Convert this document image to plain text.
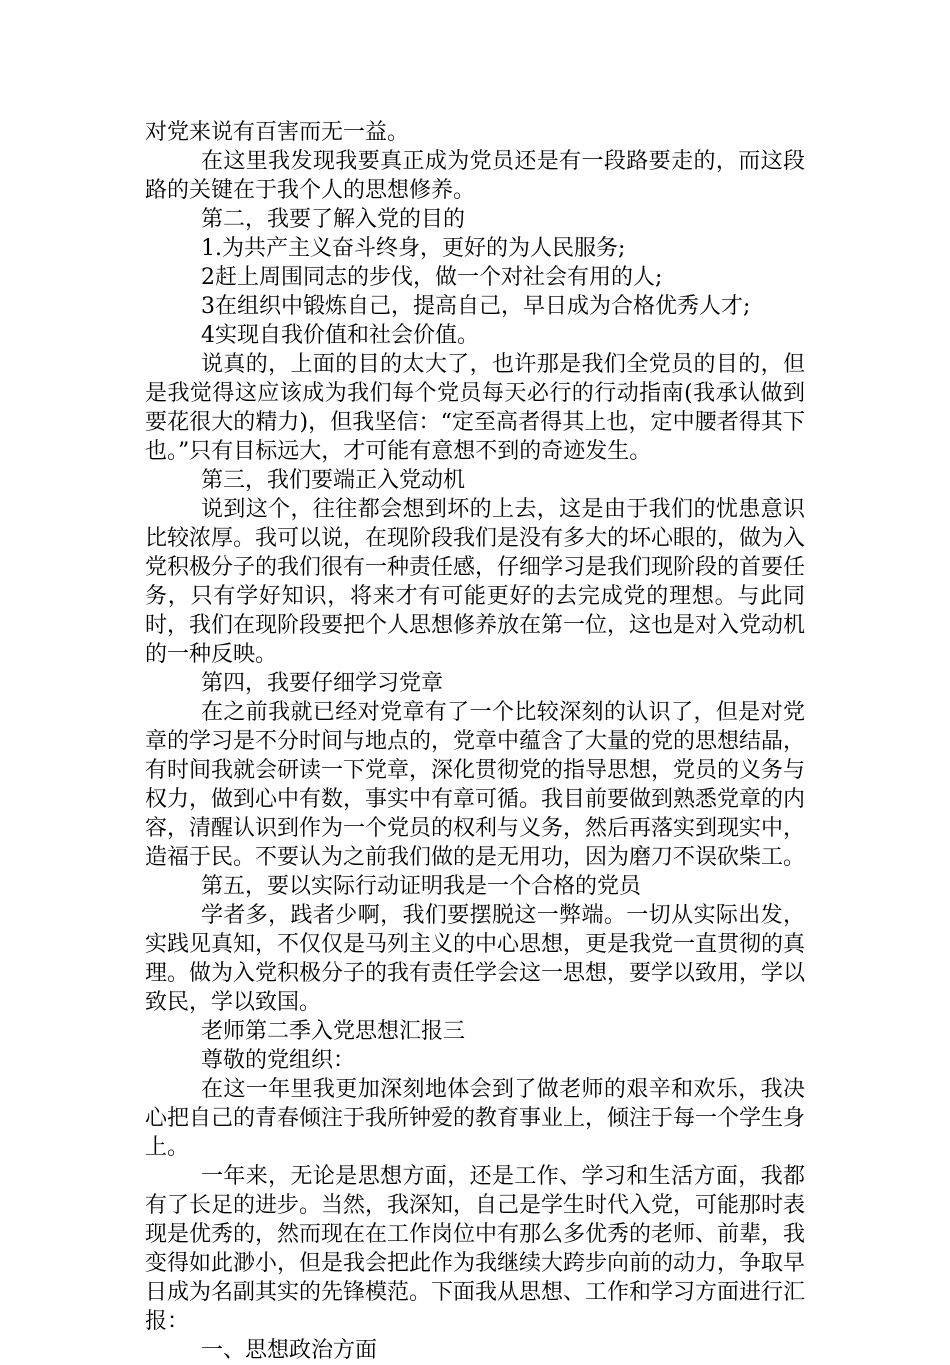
对党来说有百害而无一益。

在这里我发现我要真正成为党员还是有一段路要走的，而这段路的关键在于我个人的思想修养。

第二，我要了解入党的目的

1.为共产主义奋斗终身，更好的为人民服务;

2赶上周围同志的步伐，做一个对社会有用的人;

3在组织中锻炼自己，提高自己，早日成为合格优秀人才;

4实现自我价值和社会价值。

说真的，上面的目的太大了，也许那是我们全党员的目的，但是我觉得这应该成为我们每个党员每天必行的行动指南(我承认做到要花很大的精力)，但我坚信：“定至高者得其上也，定中腰者得其下也。”只有目标远大，才可能有意想不到的奇迹发生。

第三，我们要端正入党动机

说到这个，往往都会想到坏的上去，这是由于我们的忧患意识比较浓厚。我可以说，在现阶段我们是没有多大的坏心眼的，做为入党积极分子的我们很有一种责任感，仔细学习是我们现阶段的首要任务，只有学好知识，将来才有可能更好的去完成党的理想。与此同时，我们在现阶段要把个人思想修养放在第一位，这也是对入党动机的一种反映。

第四，我要仔细学习党章

在之前我就已经对党章有了一个比较深刻的认识了，但是对党章的学习是不分时间与地点的，党章中蕴含了大量的党的思想结晶，有时间我就会研读一下党章，深化贯彻党的指导思想，党员的义务与权力，做到心中有数，事实中有章可循。我目前要做到熟悉党章的内容，清醒认识到作为一个党员的权利与义务，然后再落实到现实中，造福于民。不要认为之前我们做的是无用功，因为磨刀不误砍柴工。

第五，要以实际行动证明我是一个合格的党员

学者多，践者少啊，我们要摆脱这一弊端。一切从实际出发，实践见真知，不仅仅是马列主义的中心思想，更是我党一直贯彻的真理。做为入党积极分子的我有责任学会这一思想，要学以致用，学以致民，学以致国。

老师第二季入党思想汇报三

尊敬的党组织：

在这一年里我更加深刻地体会到了做老师的艰辛和欢乐，我决心把自己的青春倾注于我所钟爱的教育事业上，倾注于每一个学生身上。

一年来，无论是思想方面，还是工作、学习和生活方面，我都有了长足的进步。当然，我深知，自己是学生时代入党，可能那时表现是优秀的，然而现在在工作岗位中有那么多优秀的老师、前辈，我变得如此渺小，但是我会把此作为我继续大跨步向前的动力，争取早日成为名副其实的先锋模范。下面我从思想、工作和学习方面进行汇报：

一、思想政治方面
